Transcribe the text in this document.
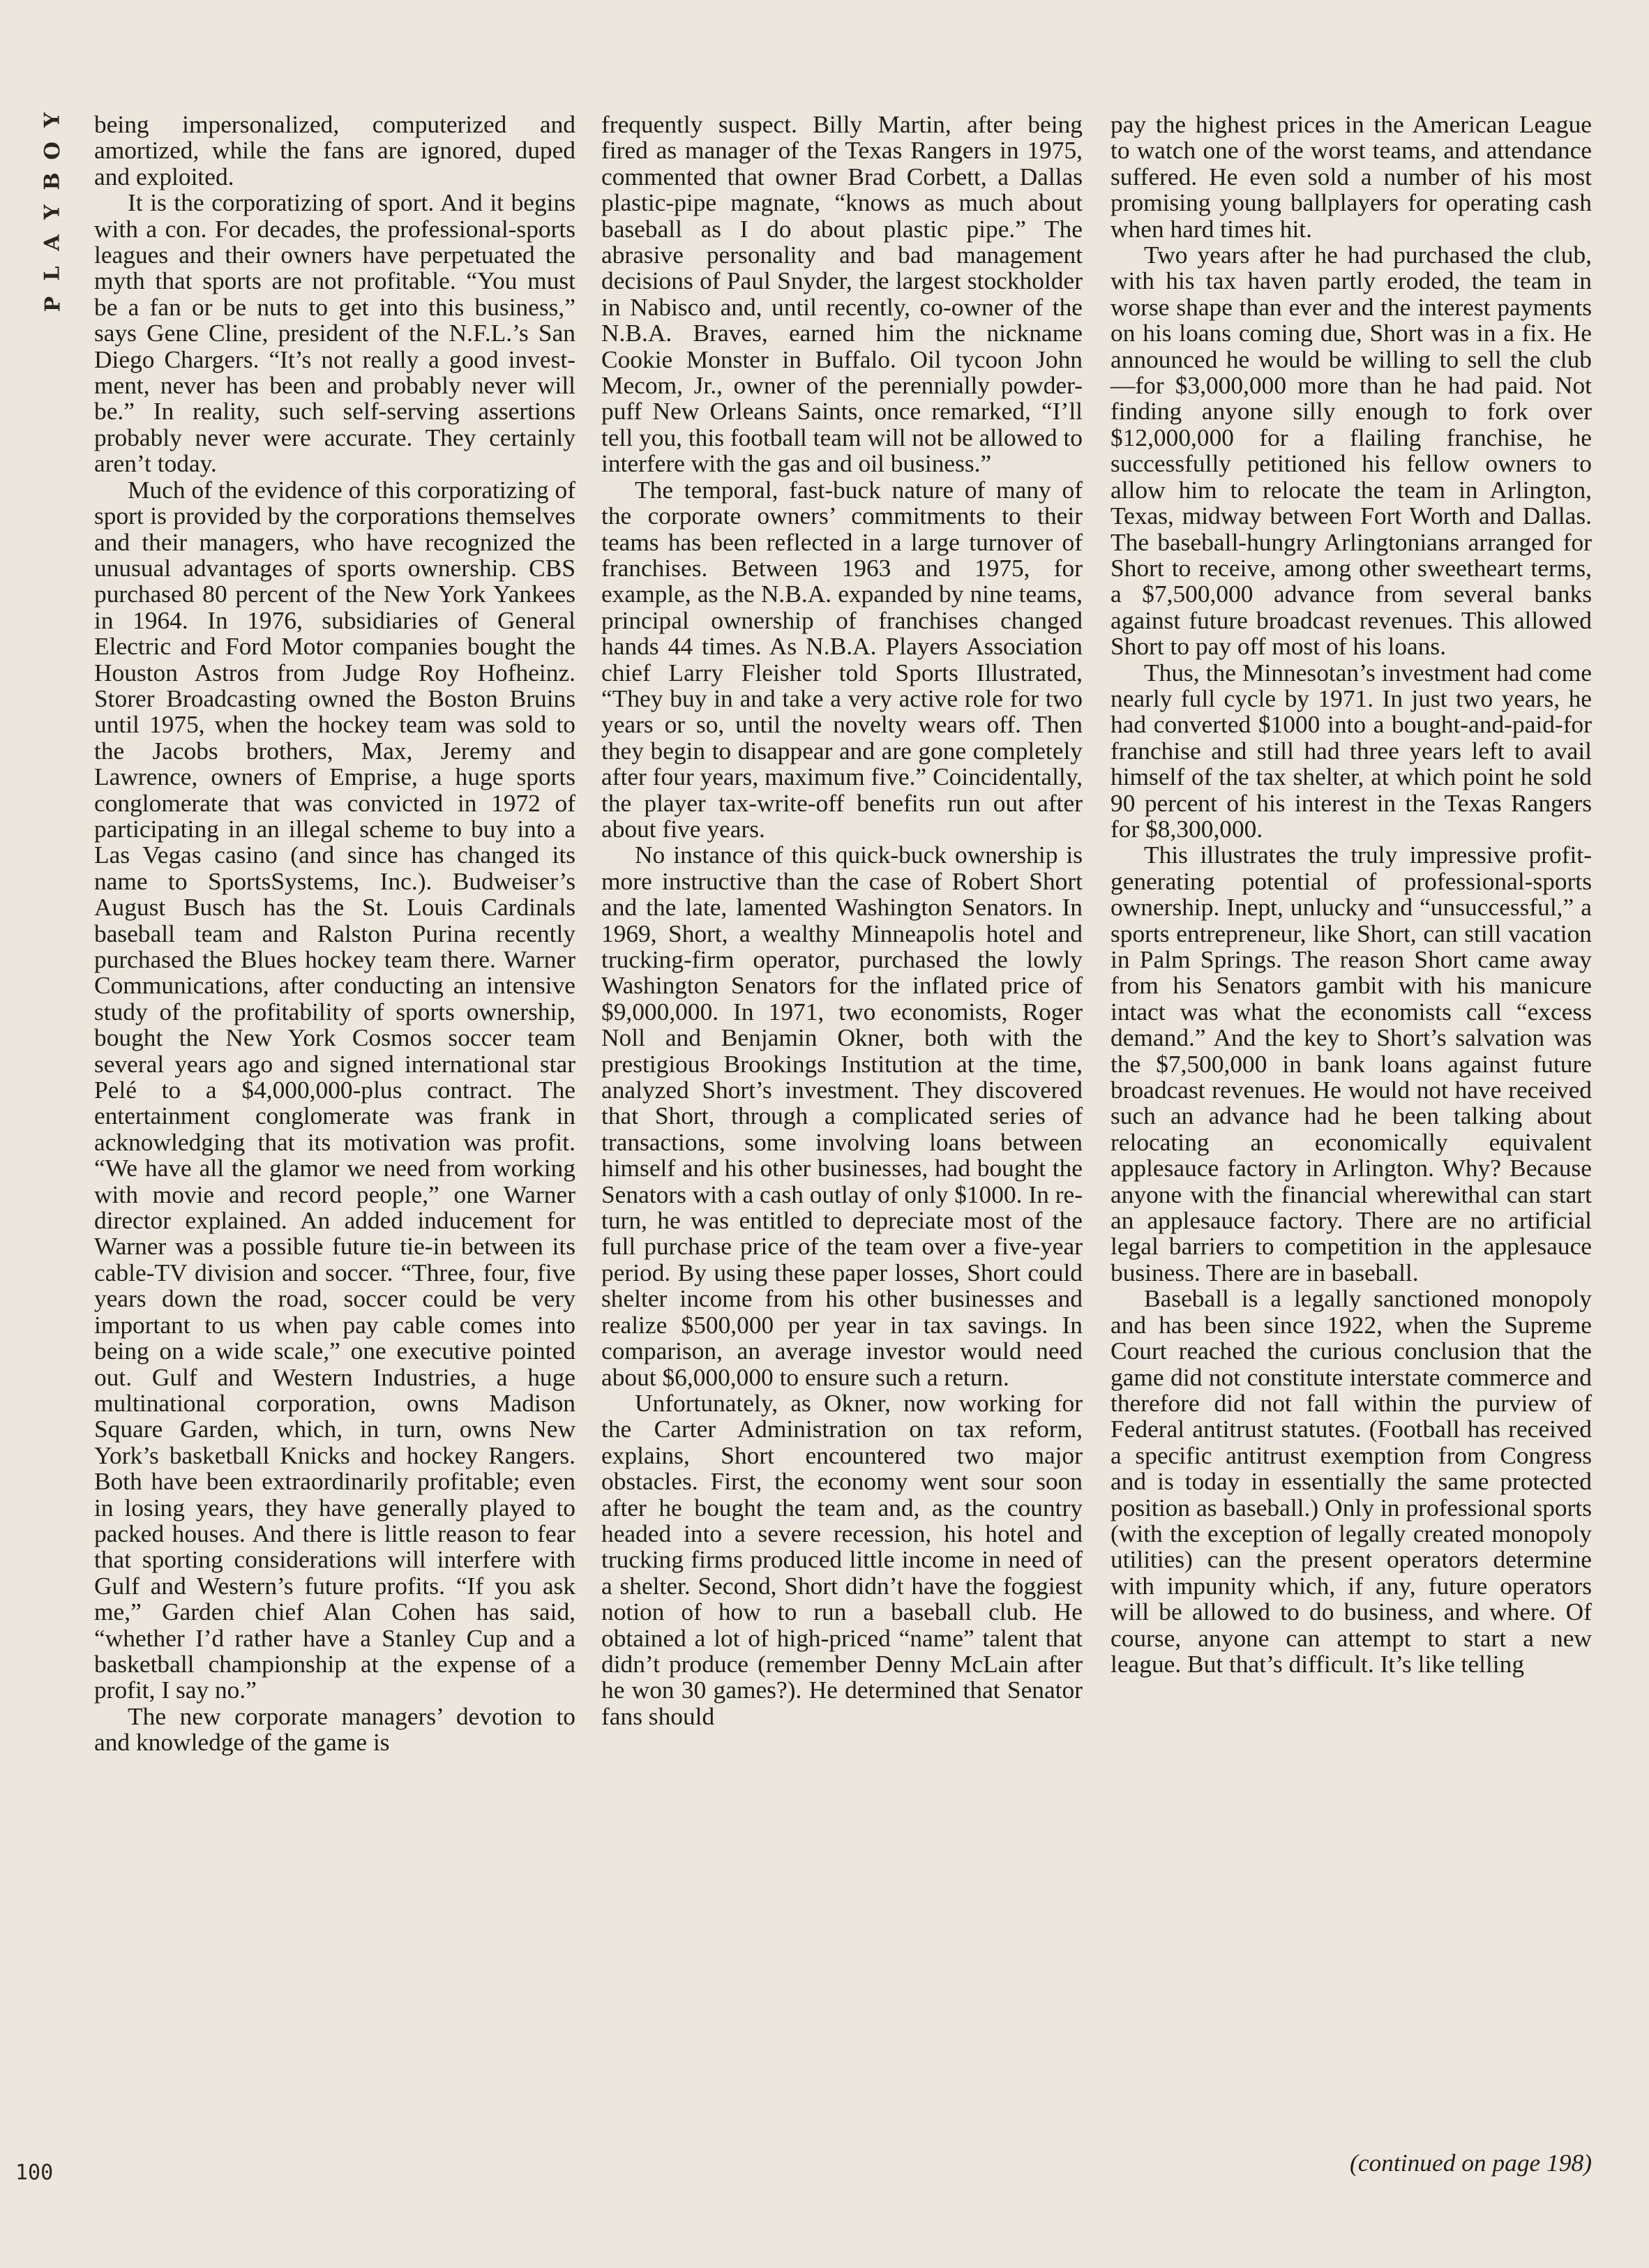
Y
O
B
Y
A
L
P

being impersonalized, computerized and amortized, while the fans are ignored, duped and exploited.

It is the corporatizing of sport. And it begins with a con. For decades, the professional-sports leagues and their owners have perpetuated the myth that sports are not profitable. “You must be a fan or be nuts to get into this business,” says Gene Cline, president of the N.F.L.’s San Diego Chargers. “It’s not really a good investment, never has been and probably never will be.” In reality, such self-serving assertions probably never were accurate. They certainly aren’t today.

Much of the evidence of this corporatizing of sport is provided by the corporations themselves and their managers, who have recognized the unusual advantages of sports ownership. CBS purchased 80 percent of the New York Yankees in 1964. In 1976, subsidiaries of General Electric and Ford Motor companies bought the Houston Astros from Judge Roy Hofheinz. Storer Broadcasting owned the Boston Bruins until 1975, when the hockey team was sold to the Jacobs brothers, Max, Jeremy and Lawrence, owners of Emprise, a huge sports conglomerate that was convicted in 1972 of participating in an illegal scheme to buy into a Las Vegas casino (and since has changed its name to SportsSystems, Inc.). Budweiser’s August Busch has the St. Louis Cardinals baseball team and Ralston Purina recently purchased the Blues hockey team there. Warner Communications, after conducting an intensive study of the profitability of sports ownership, bought the New York Cosmos soccer team several years ago and signed international star Pelé to a $4,000,000-plus contract. The entertainment conglomerate was frank in acknowledging that its motivation was profit. “We have all the glamor we need from working with movie and record people,” one Warner director explained. An added inducement for Warner was a possible future tie-in between its cable-TV division and soccer. “Three, four, five years down the road, soccer could be very important to us when pay cable comes into being on a wide scale,” one executive pointed out. Gulf and Western Industries, a huge multinational corporation, owns Madison Square Garden, which, in turn, owns New York’s basketball Knicks and hockey Rangers. Both have been extraordinarily profitable; even in losing years, they have generally played to packed houses. And there is little reason to fear that sporting considerations will interfere with Gulf and Western’s future profits. “If you ask me,” Garden chief Alan Cohen has said, “whether I’d rather have a Stanley Cup and a basketball championship at the expense of a profit, I say no.”

The new corporate managers’ devotion to and knowledge of the game is

frequently suspect. Billy Martin, after being fired as manager of the Texas Rangers in 1975, commented that owner Brad Corbett, a Dallas plastic-pipe magnate, “knows as much about baseball as I do about plastic pipe.” The abrasive personality and bad management decisions of Paul Snyder, the largest stockholder in Nabisco and, until recently, co-owner of the N.B.A. Braves, earned him the nickname Cookie Monster in Buffalo. Oil tycoon John Mecom, Jr., owner of the perennially powder-puff New Orleans Saints, once remarked, “I’ll tell you, this football team will not be allowed to interfere with the gas and oil business.”

The temporal, fast-buck nature of many of the corporate owners’ commitments to their teams has been reflected in a large turnover of franchises. Between 1963 and 1975, for example, as the N.B.A. expanded by nine teams, principal ownership of franchises changed hands 44 times. As N.B.A. Players Association chief Larry Fleisher told Sports Illustrated, “They buy in and take a very active role for two years or so, until the novelty wears off. Then they begin to disappear and are gone completely after four years, maximum five.” Coincidentally, the player tax-write-off benefits run out after about five years.

No instance of this quick-buck ownership is more instructive than the case of Robert Short and the late, lamented Washington Senators. In 1969, Short, a wealthy Minneapolis hotel and trucking-firm operator, purchased the lowly Washington Senators for the inflated price of $9,000,000. In 1971, two economists, Roger Noll and Benjamin Okner, both with the prestigious Brookings Institution at the time, analyzed Short’s investment. They discovered that Short, through a complicated series of transactions, some involving loans between himself and his other businesses, had bought the Senators with a cash outlay of only $1000. In return, he was entitled to depreciate most of the full purchase price of the team over a five-year period. By using these paper losses, Short could shelter income from his other businesses and realize $500,000 per year in tax savings. In comparison, an average investor would need about $6,000,000 to ensure such a return.

Unfortunately, as Okner, now working for the Carter Administration on tax reform, explains, Short encountered two major obstacles. First, the economy went sour soon after he bought the team and, as the country headed into a severe recession, his hotel and trucking firms produced little income in need of a shelter. Second, Short didn’t have the foggiest notion of how to run a baseball club. He obtained a lot of high-priced “name” talent that didn’t produce (remember Denny McLain after he won 30 games?). He determined that Senator fans should

pay the highest prices in the American League to watch one of the worst teams, and attendance suffered. He even sold a number of his most promising young ballplayers for operating cash when hard times hit.

Two years after he had purchased the club, with his tax haven partly eroded, the team in worse shape than ever and the interest payments on his loans coming due, Short was in a fix. He announced he would be willing to sell the club—for $3,000,000 more than he had paid. Not finding anyone silly enough to fork over $12,000,000 for a flailing franchise, he successfully petitioned his fellow owners to allow him to relocate the team in Arlington, Texas, midway between Fort Worth and Dallas. The baseball-hungry Arlingtonians arranged for Short to receive, among other sweetheart terms, a $7,500,000 advance from several banks against future broadcast revenues. This allowed Short to pay off most of his loans.

Thus, the Minnesotan’s investment had come nearly full cycle by 1971. In just two years, he had converted $1000 into a bought-and-paid-for franchise and still had three years left to avail himself of the tax shelter, at which point he sold 90 percent of his interest in the Texas Rangers for $8,300,000.

This illustrates the truly impressive profit-generating potential of professional-sports ownership. Inept, unlucky and “unsuccessful,” a sports entrepreneur, like Short, can still vacation in Palm Springs. The reason Short came away from his Senators gambit with his manicure intact was what the economists call “excess demand.” And the key to Short’s salvation was the $7,500,000 in bank loans against future broadcast revenues. He would not have received such an advance had he been talking about relocating an economically equivalent applesauce factory in Arlington. Why? Because anyone with the financial wherewithal can start an applesauce factory. There are no artificial legal barriers to competition in the applesauce business. There are in baseball.

Baseball is a legally sanctioned monopoly and has been since 1922, when the Supreme Court reached the curious conclusion that the game did not constitute interstate commerce and therefore did not fall within the purview of Federal antitrust statutes. (Football has received a specific antitrust exemption from Congress and is today in essentially the same protected position as baseball.) Only in professional sports (with the exception of legally created monopoly utilities) can the present operators determine with impunity which, if any, future operators will be allowed to do business, and where. Of course, anyone can attempt to start a new league. But that’s difficult. It’s like telling

(continued on page 198)
100
